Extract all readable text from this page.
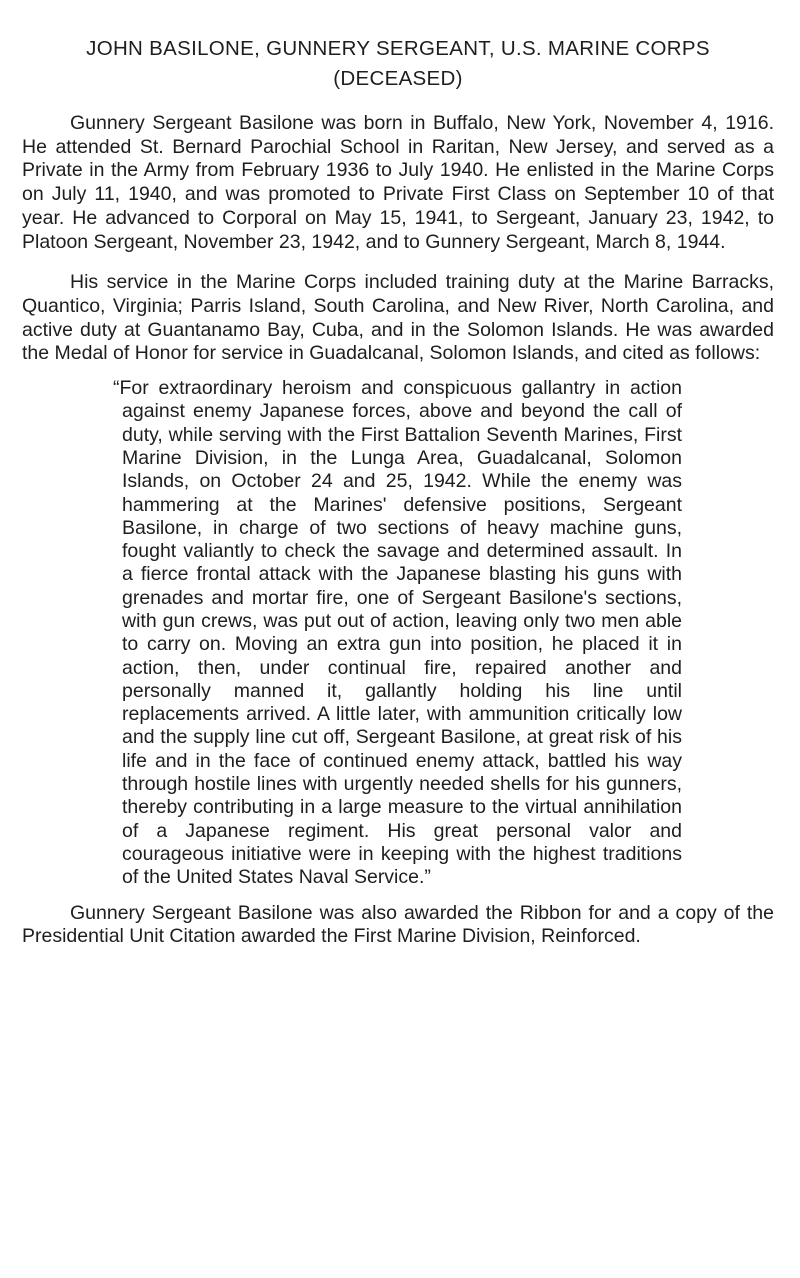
JOHN BASILONE, GUNNERY SERGEANT, U.S. MARINE CORPS
(DECEASED)

Gunnery Sergeant Basilone was born in Buffalo, New York, November 4, 1916. He attended St. Bernard Parochial School in Raritan, New Jersey, and served as a Private in the Army from February 1936 to July 1940. He enlisted in the Marine Corps on July 11, 1940, and was promoted to Private First Class on September 10 of that year. He advanced to Corporal on May 15, 1941, to Sergeant, January 23, 1942, to Platoon Sergeant, November 23, 1942, and to Gunnery Sergeant, March 8, 1944.

His service in the Marine Corps included training duty at the Marine Barracks, Quantico, Virginia; Parris Island, South Carolina, and New River, North Carolina, and active duty at Guantanamo Bay, Cuba, and in the Solomon Islands. He was awarded the Medal of Honor for service in Guadalcanal, Solomon Islands, and cited as follows:

“For extraordinary heroism and conspicuous gallantry in action against enemy Japanese forces, above and beyond the call of duty, while serving with the First Battalion Seventh Marines, First Marine Division, in the Lunga Area, Guadalcanal, Solomon Islands, on October 24 and 25, 1942. While the enemy was hammering at the Marines' defensive positions, Sergeant Basilone, in charge of two sections of heavy machine guns, fought valiantly to check the savage and determined assault. In a fierce frontal attack with the Japanese blasting his guns with grenades and mortar fire, one of Sergeant Basilone's sections, with gun crews, was put out of action, leaving only two men able to carry on. Moving an extra gun into position, he placed it in action, then, under continual fire, repaired another and personally manned it, gallantly holding his line until replacements arrived. A little later, with ammunition critically low and the supply line cut off, Sergeant Basilone, at great risk of his life and in the face of continued enemy attack, battled his way through hostile lines with urgently needed shells for his gunners, thereby contributing in a large measure to the virtual annihilation of a Japanese regiment. His great personal valor and courageous initiative were in keeping with the highest traditions of the United States Naval Service.”

Gunnery Sergeant Basilone was also awarded the Ribbon for and a copy of the Presidential Unit Citation awarded the First Marine Division, Reinforced.
